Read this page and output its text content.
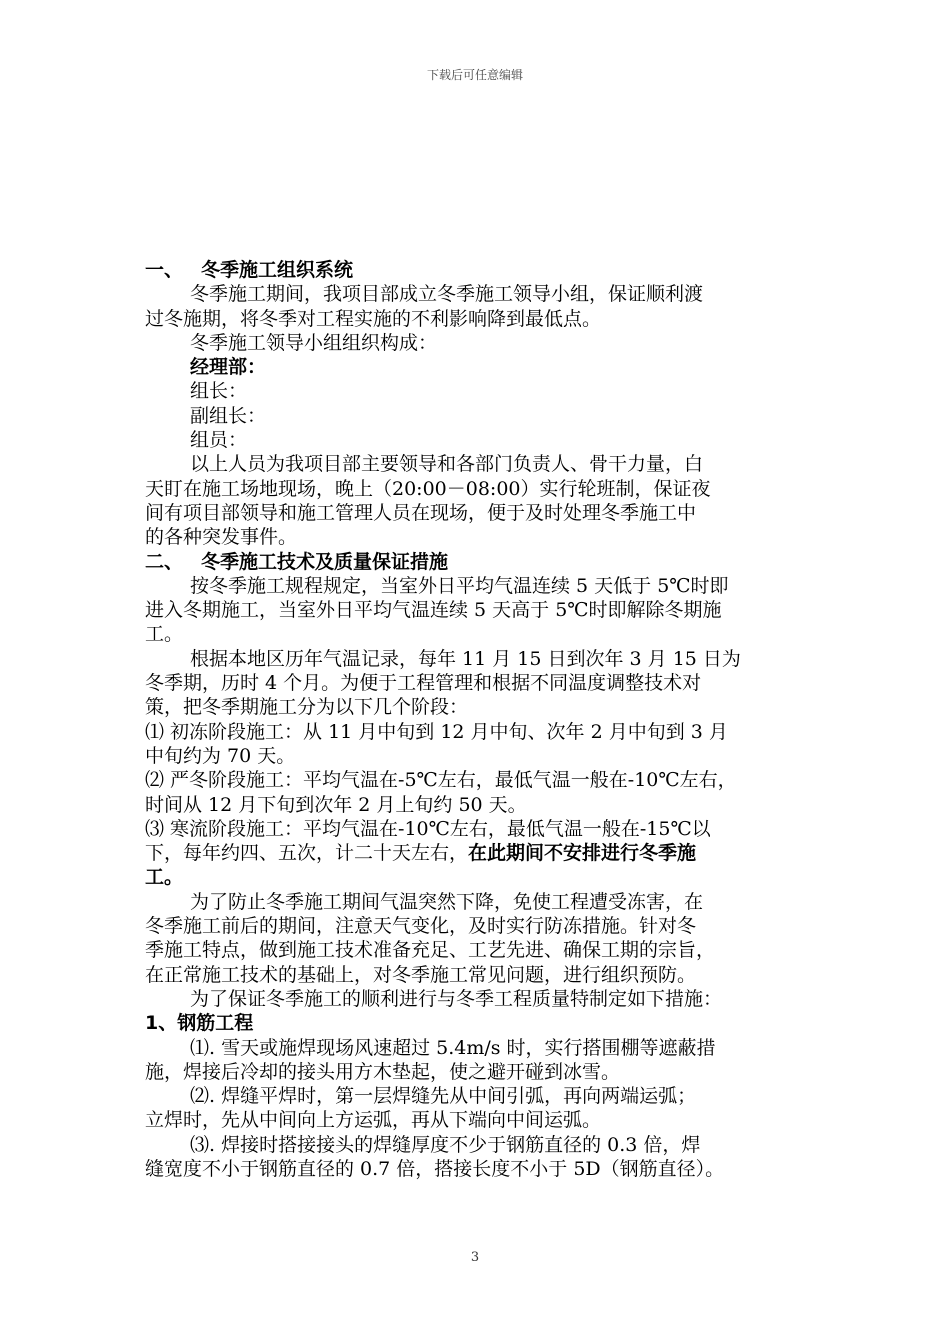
下载后可任意编辑

一、 冬季施工组织系统

冬季施工期间，我项目部成立冬季施工领导小组，保证顺利渡

过冬施期，将冬季对工程实施的不利影响降到最低点。

冬季施工领导小组组织构成：

经理部：

组长：

副组长：

组员：

以上人员为我项目部主要领导和各部门负责人、骨干力量，白

天盯在施工场地现场，晚上（20:00－08:00）实行轮班制，保证夜

间有项目部领导和施工管理人员在现场，便于及时处理冬季施工中

的各种突发事件。

二、 冬季施工技术及质量保证措施

按冬季施工规程规定，当室外日平均气温连续 5 天低于 5℃时即

进入冬期施工，当室外日平均气温连续 5 天高于 5℃时即解除冬期施

工。

根据本地区历年气温记录，每年 11 月 15 日到次年 3 月 15 日为

冬季期，历时 4 个月。为便于工程管理和根据不同温度调整技术对

策，把冬季期施工分为以下几个阶段：

⑴ 初冻阶段施工：从 11 月中旬到 12 月中旬、次年 2 月中旬到 3 月

中旬约为 70 天。

⑵ 严冬阶段施工：平均气温在-5℃左右，最低气温一般在-10℃左右，

时间从 12 月下旬到次年 2 月上旬约 50 天。

⑶ 寒流阶段施工：平均气温在-10℃左右，最低气温一般在-15℃以

下，每年约四、五次，计二十天左右，在此期间不安排进行冬季施

工。

为了防止冬季施工期间气温突然下降，免使工程遭受冻害，在

冬季施工前后的期间，注意天气变化，及时实行防冻措施。针对冬

季施工特点，做到施工技术准备充足、工艺先进、确保工期的宗旨，

在正常施工技术的基础上，对冬季施工常见问题，进行组织预防。

为了保证冬季施工的顺利进行与冬季工程质量特制定如下措施：

1、钢筋工程

⑴. 雪天或施焊现场风速超过 5.4m/s 时，实行搭围棚等遮蔽措

施，焊接后冷却的接头用方木垫起，使之避开碰到冰雪。

⑵. 焊缝平焊时，第一层焊缝先从中间引弧，再向两端运弧；

立焊时，先从中间向上方运弧，再从下端向中间运弧。

⑶. 焊接时搭接接头的焊缝厚度不少于钢筋直径的 0.3 倍，焊

缝宽度不小于钢筋直径的 0.7 倍，搭接长度不小于 5D（钢筋直径）。

3
